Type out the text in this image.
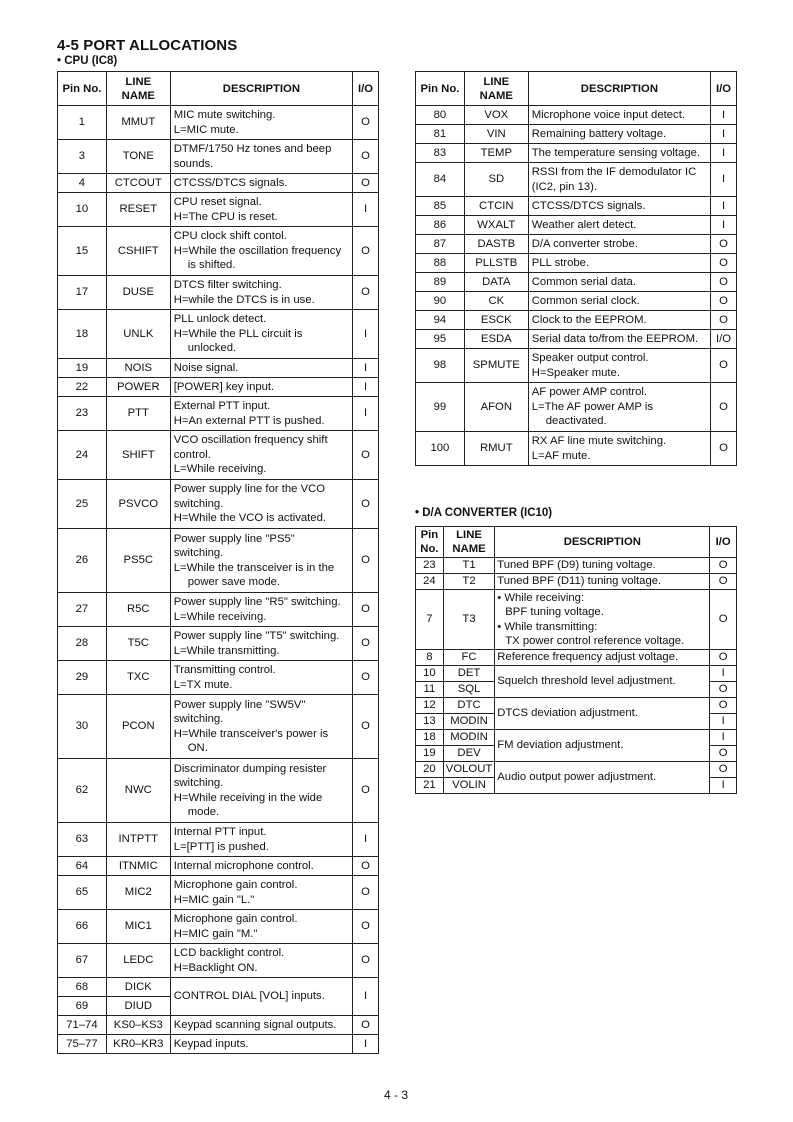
4-5 PORT ALLOCATIONS
• CPU (IC8)
• D/A CONVERTER (IC10)
Pin No.	LINE
NAME	DESCRIPTION	I/O
1	MMUT	MIC mute switching.
L=MIC mute.	O
3	TONE	DTMF/1750 Hz tones and beep
sounds.	O
4	CTCOUT	CTCSS/DTCS signals.	O
10	RESET	CPU reset signal.
H=The CPU is reset.	I
15	CSHIFT	CPU clock shift contol.
H=While the oscillation frequency
is shifted.	O
17	DUSE	DTCS filter switching.
H=while the DTCS is in use.	O
18	UNLK	PLL unlock detect.
H=While the PLL circuit is
unlocked.	I
19	NOIS	Noise signal.	I
22	POWER	[POWER] key input.	I
23	PTT	External PTT input.
H=An external PTT is pushed.	I
24	SHIFT	VCO oscillation frequency shift
control.
L=While receiving.	O
25	PSVCO	Power supply line for the VCO
switching.
H=While the VCO is activated.	O
26	PS5C	Power supply line "PS5"
switching.
L=While the transceiver is in the
power save mode.	O
27	R5C	Power supply line "R5" switching.
L=While receiving.	O
28	T5C	Power supply line "T5" switching.
L=While transmitting.	O
29	TXC	Transmitting control.
L=TX mute.	O
30	PCON	Power supply line "SW5V"
switching.
H=While transceiver's power is
ON.	O
62	NWC	Discriminator dumping resister
switching.
H=While receiving in the wide
mode.	O
63	INTPTT	Internal PTT input.
L=[PTT] is pushed.	I
64	ITNMIC	Internal microphone control.	O
65	MIC2	Microphone gain control.
H=MIC gain "L."	O
66	MIC1	Microphone gain control.
H=MIC gain "M."	O
67	LEDC	LCD backlight control.
H=Backlight ON.	O
68	DICK	CONTROL DIAL [VOL] inputs.	I
69	DIUD		
71–74	KS0–KS3	Keypad scanning signal outputs.	O
75–77	KR0–KR3	Keypad inputs.	I
Pin No.	LINE
NAME	DESCRIPTION	I/O
80	VOX	Microphone voice input detect.	I
81	VIN	Remaining battery voltage.	I
83	TEMP	The temperature sensing voltage.	I
84	SD	RSSI from the IF demodulator IC
(IC2, pin 13).	I
85	CTCIN	CTCSS/DTCS signals.	I
86	WXALT	Weather alert detect.	I
87	DASTB	D/A converter strobe.	O
88	PLLSTB	PLL strobe.	O
89	DATA	Common serial data.	O
90	CK	Common serial clock.	O
94	ESCK	Clock to the EEPROM.	O
95	ESDA	Serial data to/from the EEPROM.	I/O
98	SPMUTE	Speaker output control.
H=Speaker mute.	O
99	AFON	AF power AMP control.
L=The AF power AMP is
deactivated.	O
100	RMUT	RX AF line mute switching.
L=AF mute.	O
Pin
No.	LINE
NAME	DESCRIPTION	I/O
23	T1	Tuned BPF (D9) tuning voltage.	O
24	T2	Tuned BPF (D11) tuning voltage.	O
7	T3	• While receiving:
BPF tuning voltage.
• While transmitting:
TX power control reference voltage.	O
8	FC	Reference frequency adjust voltage.	O
10	DET	Squelch threshold level adjustment.	I
11	SQL		O
12	DTC	DTCS deviation adjustment.	O
13	MODIN		I
18	MODIN	FM deviation adjustment.	I
19	DEV		O
20	VOLOUT	Audio output power adjustment.	O
21	VOLIN		I
4 - 3
